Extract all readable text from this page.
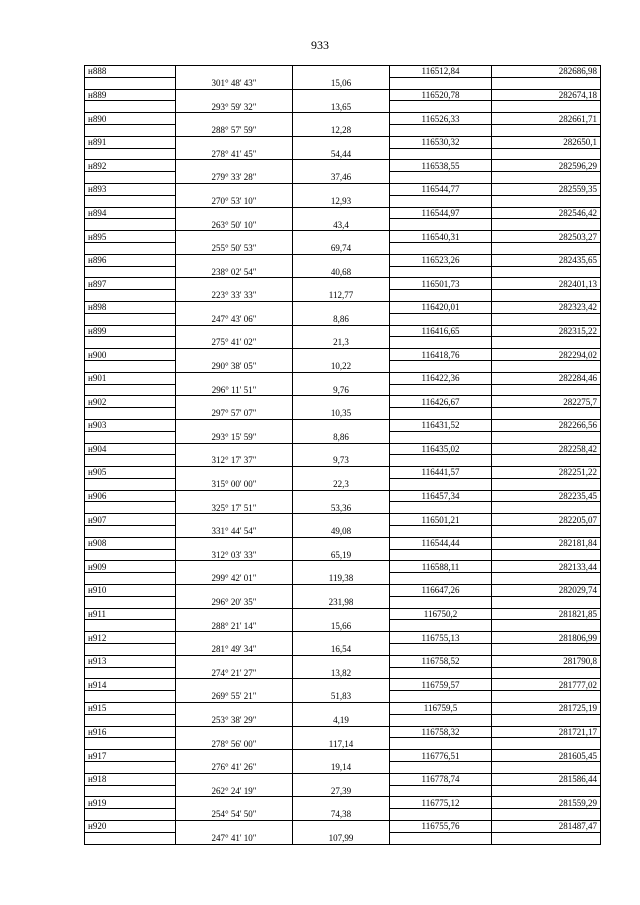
933
н888			116512,84	282686,98
	301° 48' 43"	15,06		
н889			116520,78	282674,18
	293° 59' 32"	13,65		
н890			116526,33	282661,71
	288° 57' 59"	12,28		
н891			116530,32	282650,1
	278° 41' 45"	54,44		
н892			116538,55	282596,29
	279° 33' 28"	37,46		
н893			116544,77	282559,35
	270° 53' 10"	12,93		
н894			116544,97	282546,42
	263° 50' 10"	43,4		
н895			116540,31	282503,27
	255° 50' 53"	69,74		
н896			116523,26	282435,65
	238° 02' 54"	40,68		
н897			116501,73	282401,13
	223° 33' 33"	112,77		
н898			116420,01	282323,42
	247° 43' 06"	8,86		
н899			116416,65	282315,22
	275° 41' 02"	21,3		
н900			116418,76	282294,02
	290° 38' 05"	10,22		
н901			116422,36	282284,46
	296° 11' 51"	9,76		
н902			116426,67	282275,7
	297° 57' 07"	10,35		
н903			116431,52	282266,56
	293° 15' 59"	8,86		
н904			116435,02	282258,42
	312° 17' 37"	9,73		
н905			116441,57	282251,22
	315° 00' 00"	22,3		
н906			116457,34	282235,45
	325° 17' 51"	53,36		
н907			116501,21	282205,07
	331° 44' 54"	49,08		
н908			116544,44	282181,84
	312° 03' 33"	65,19		
н909			116588,11	282133,44
	299° 42' 01"	119,38		
н910			116647,26	282029,74
	296° 20' 35"	231,98		
н911			116750,2	281821,85
	288° 21' 14"	15,66		
н912			116755,13	281806,99
	281° 49' 34"	16,54		
н913			116758,52	281790,8
	274° 21' 27"	13,82		
н914			116759,57	281777,02
	269° 55' 21"	51,83		
н915			116759,5	281725,19
	253° 38' 29"	4,19		
н916			116758,32	281721,17
	278° 56' 00"	117,14		
н917			116776,51	281605,45
	276° 41' 26"	19,14		
н918			116778,74	281586,44
	262° 24' 19"	27,39		
н919			116775,12	281559,29
	254° 54' 50"	74,38		
н920			116755,76	281487,47
	247° 41' 10"	107,99		
